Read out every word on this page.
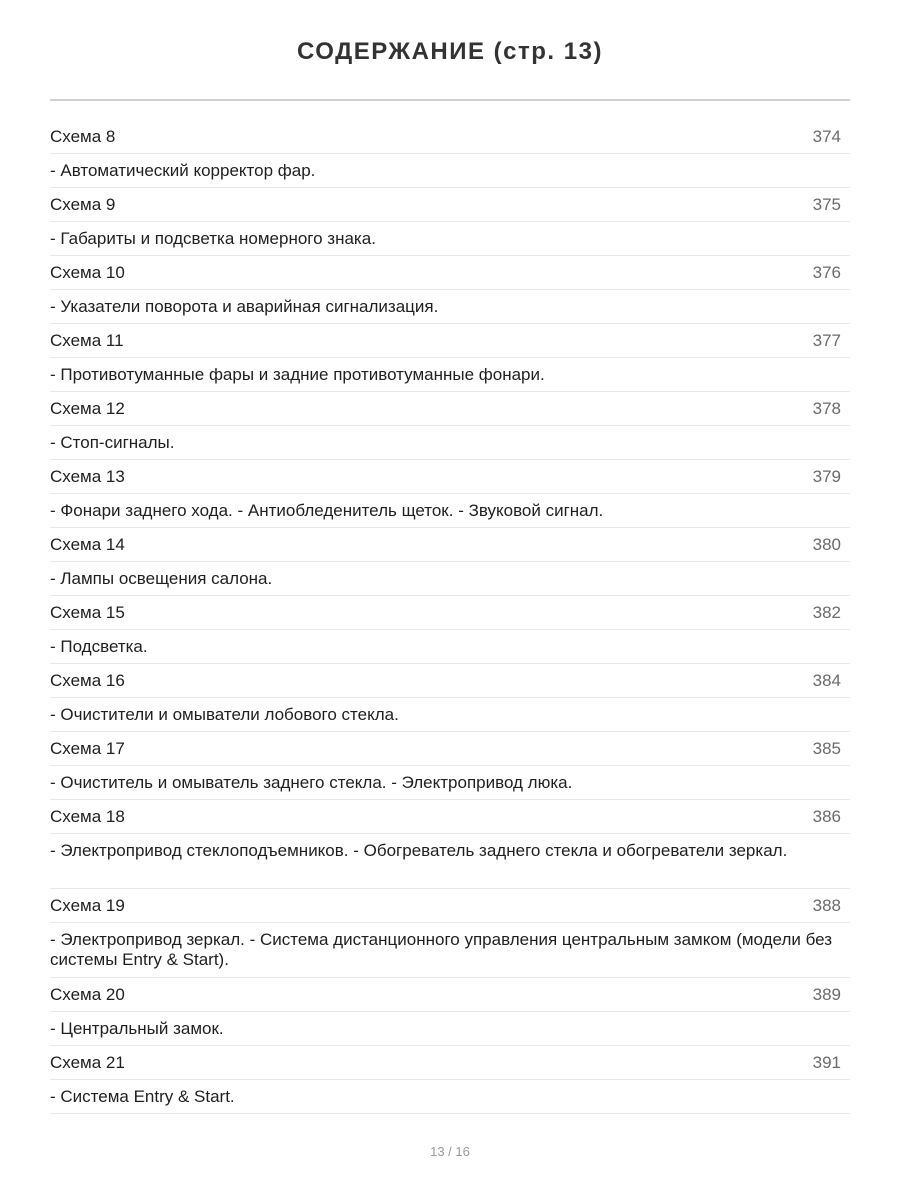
СОДЕРЖАНИЕ (стр. 13)
Схема 8	374
- Автоматический корректор фар.
Схема 9	375
- Габариты и подсветка номерного знака.
Схема 10	376
- Указатели поворота и аварийная сигнализация.
Схема 11	377
- Противотуманные фары и задние противотуманные фонари.
Схема 12	378
- Стоп-сигналы.
Схема 13	379
- Фонари заднего хода. - Антиобледенитель щеток. - Звуковой сигнал.
Схема 14	380
- Лампы освещения салона.
Схема 15	382
- Подсветка.
Схема 16	384
- Очистители и омыватели лобового стекла.
Схема 17	385
- Очиститель и омыватель заднего стекла. - Электропривод люка.
Схема 18	386
- Электропривод стеклоподъемников. - Обогреватель заднего стекла и обогреватели зеркал.
Схема 19	388
- Электропривод зеркал. - Система дистанционного управления центральным замком (модели без системы Entry & Start).
Схема 20	389
- Центральный замок.
Схема 21	391
- Система Entry & Start.
13 / 16
